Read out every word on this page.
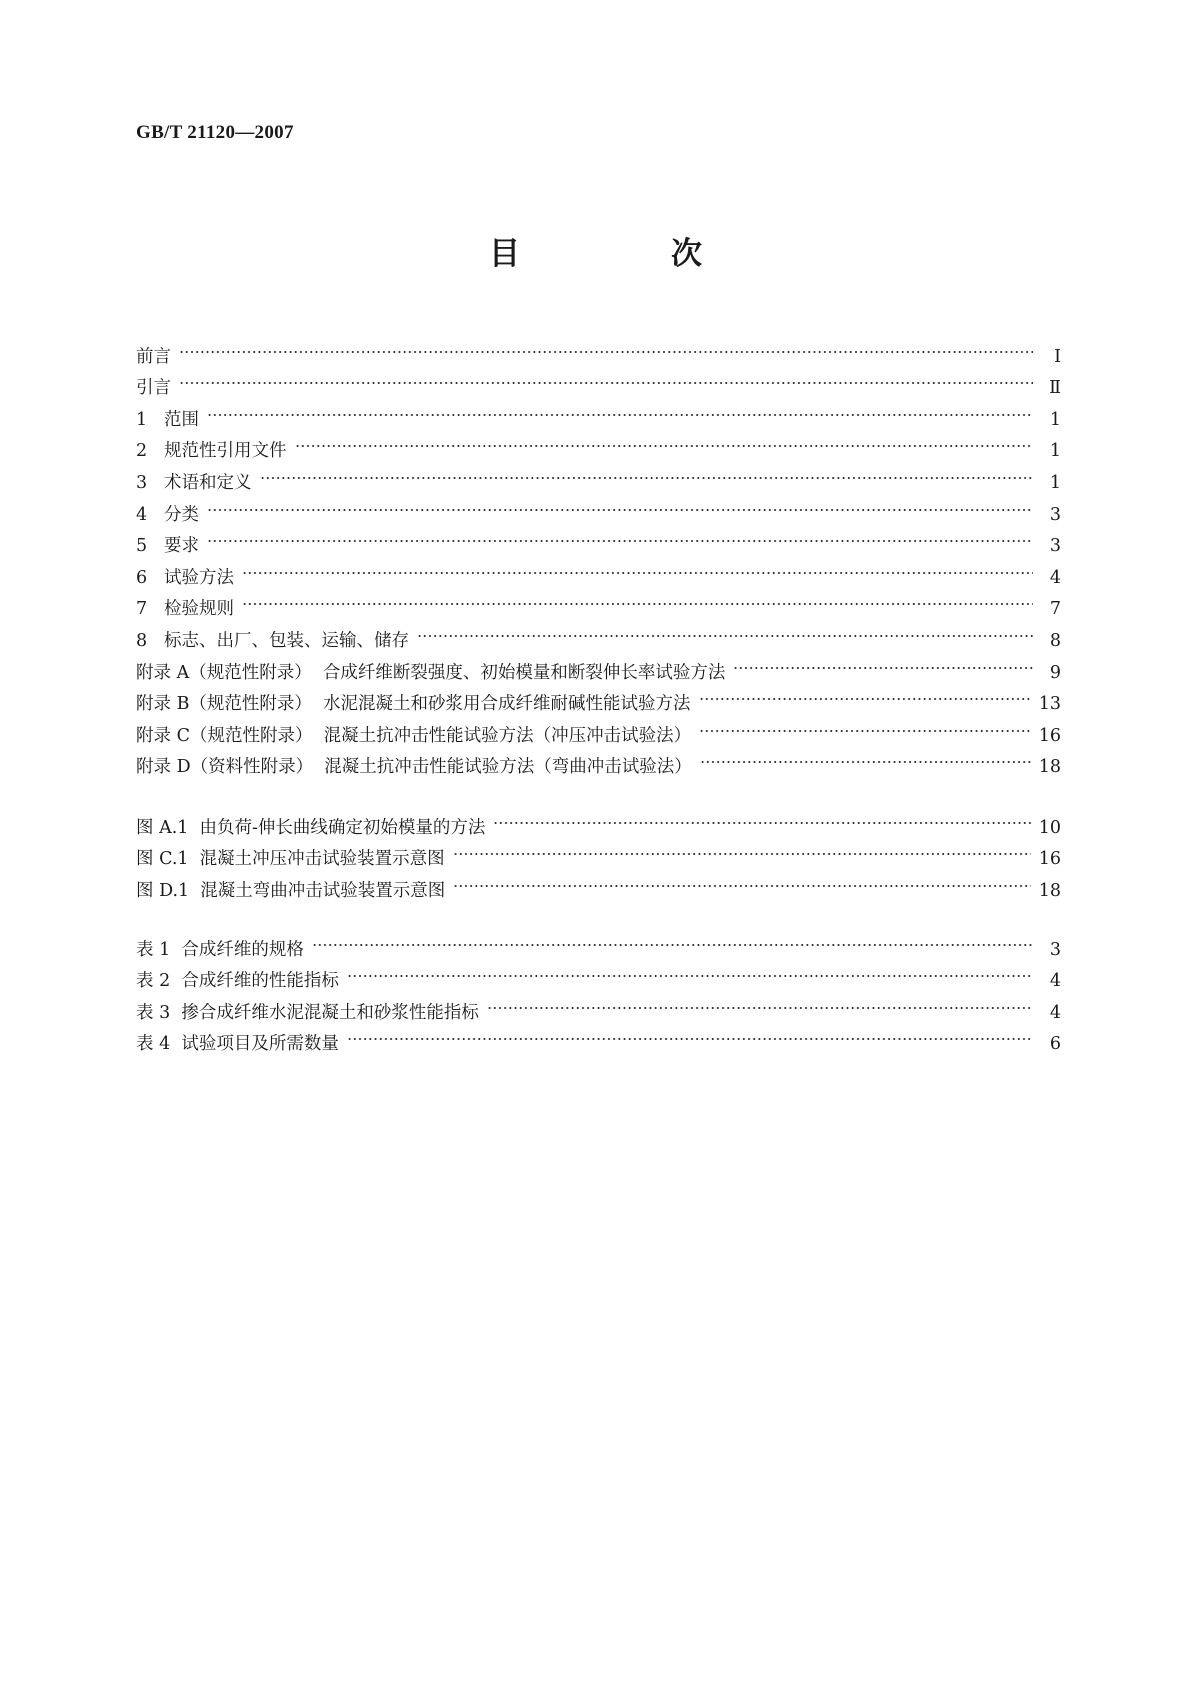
GB/T 21120—2007
目　次
前言	Ⅰ
引言	Ⅱ
1 范围	1
2 规范性引用文件	1
3 术语和定义	1
4 分类	3
5 要求	3
6 试验方法	4
7 检验规则	7
8 标志、出厂、包装、运输、储存	8
附录 A（规范性附录）  合成纤维断裂强度、初始模量和断裂伸长率试验方法	9
附录 B（规范性附录）  水泥混凝土和砂浆用合成纤维耐碱性能试验方法	13
附录 C（规范性附录）  混凝土抗冲击性能试验方法（冲压冲击试验法）	16
附录 D（资料性附录）  混凝土抗冲击性能试验方法（弯曲冲击试验法）	18
图 A.1  由负荷-伸长曲线确定初始模量的方法	10
图 C.1  混凝土冲压冲击试验装置示意图	16
图 D.1  混凝土弯曲冲击试验装置示意图	18
表 1  合成纤维的规格	3
表 2  合成纤维的性能指标	4
表 3  掺合成纤维水泥混凝土和砂浆性能指标	4
表 4  试验项目及所需数量	6
